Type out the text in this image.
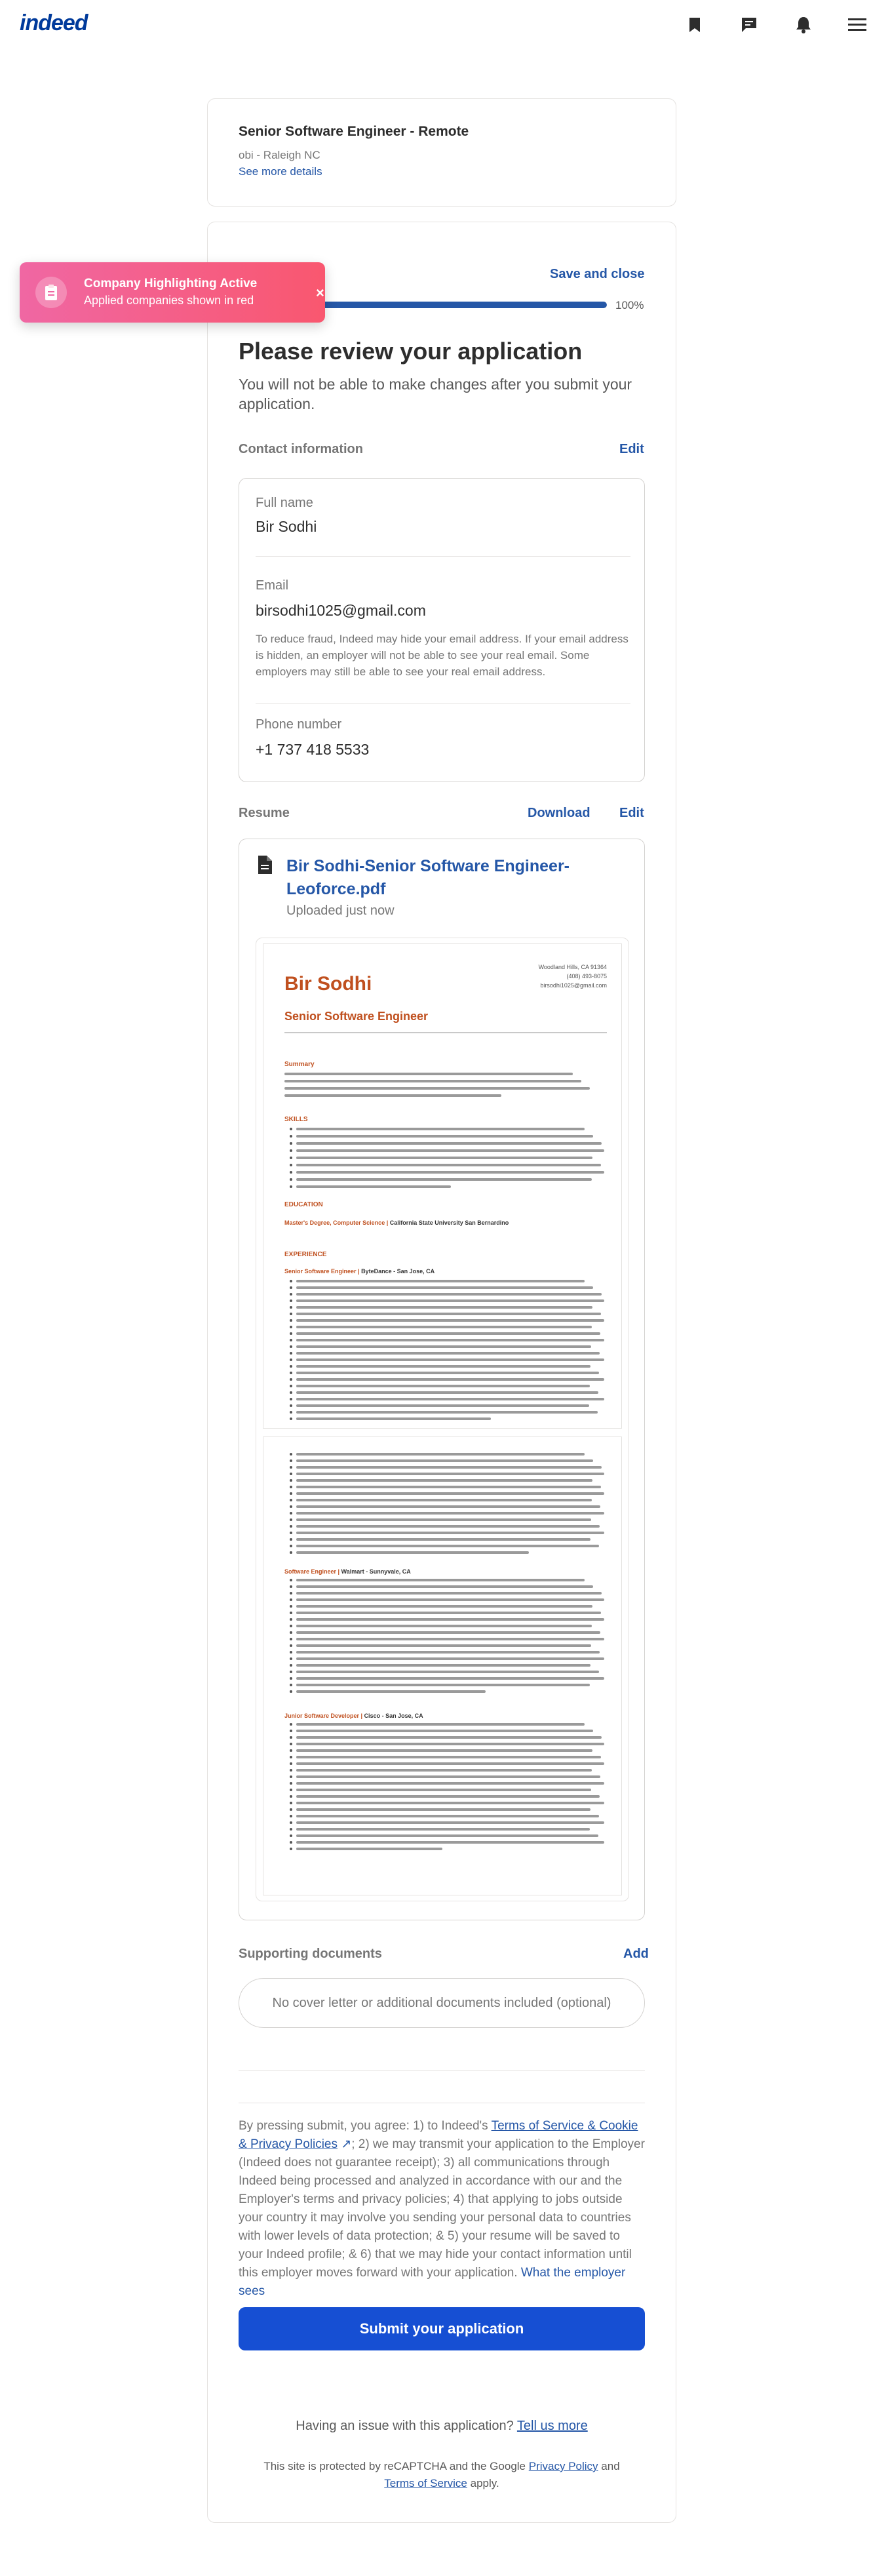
indeed
Senior Software Engineer - Remote
obi - Raleigh NC
See more details
Save and close
100%
Please review your application
You will not be able to make changes after you submit your application.
Contact information	Edit
Full name
Bir Sodhi
Email
birsodhi1025@gmail.com
To reduce fraud, Indeed may hide your email address. If your email address is hidden, an employer will not be able to see your real email. Some employers may still be able to see your real email address.
Phone number
+1 737 418 5533
Resume	Download Edit
Bir Sodhi-Senior Software Engineer-Leoforce.pdf
Uploaded just now
Woodland Hills, CA 91364
(408) 493-8075
birsodhi1025@gmail.com
Bir Sodhi
Senior Software Engineer
Summary
SKILLS
EDUCATION
Master's Degree, Computer Science | California State University San Bernardino
EXPERIENCE
Senior Software Engineer | ByteDance - San Jose, CA
Software Engineer | Walmart - Sunnyvale, CA
Junior Software Developer | Cisco - San Jose, CA
Supporting documents	Add
No cover letter or additional documents included (optional)
By pressing submit, you agree: 1) to Indeed's Terms of Service & Cookie & Privacy Policies ↗; 2) we may transmit your application to the Employer (Indeed does not guarantee receipt); 3) all communications through Indeed being processed and analyzed in accordance with our and the Employer's terms and privacy policies; 4) that applying to jobs outside your country it may involve you sending your personal data to countries with lower levels of data protection; & 5) your resume will be saved to your Indeed profile; & 6) that we may hide your contact information until this employer moves forward with your application. What the employer sees
Submit your application
Having an issue with this application? Tell us more
This site is protected by reCAPTCHA and the Google Privacy Policy and
Terms of Service apply.
Company Highlighting Active
Applied companies shown in red	×
